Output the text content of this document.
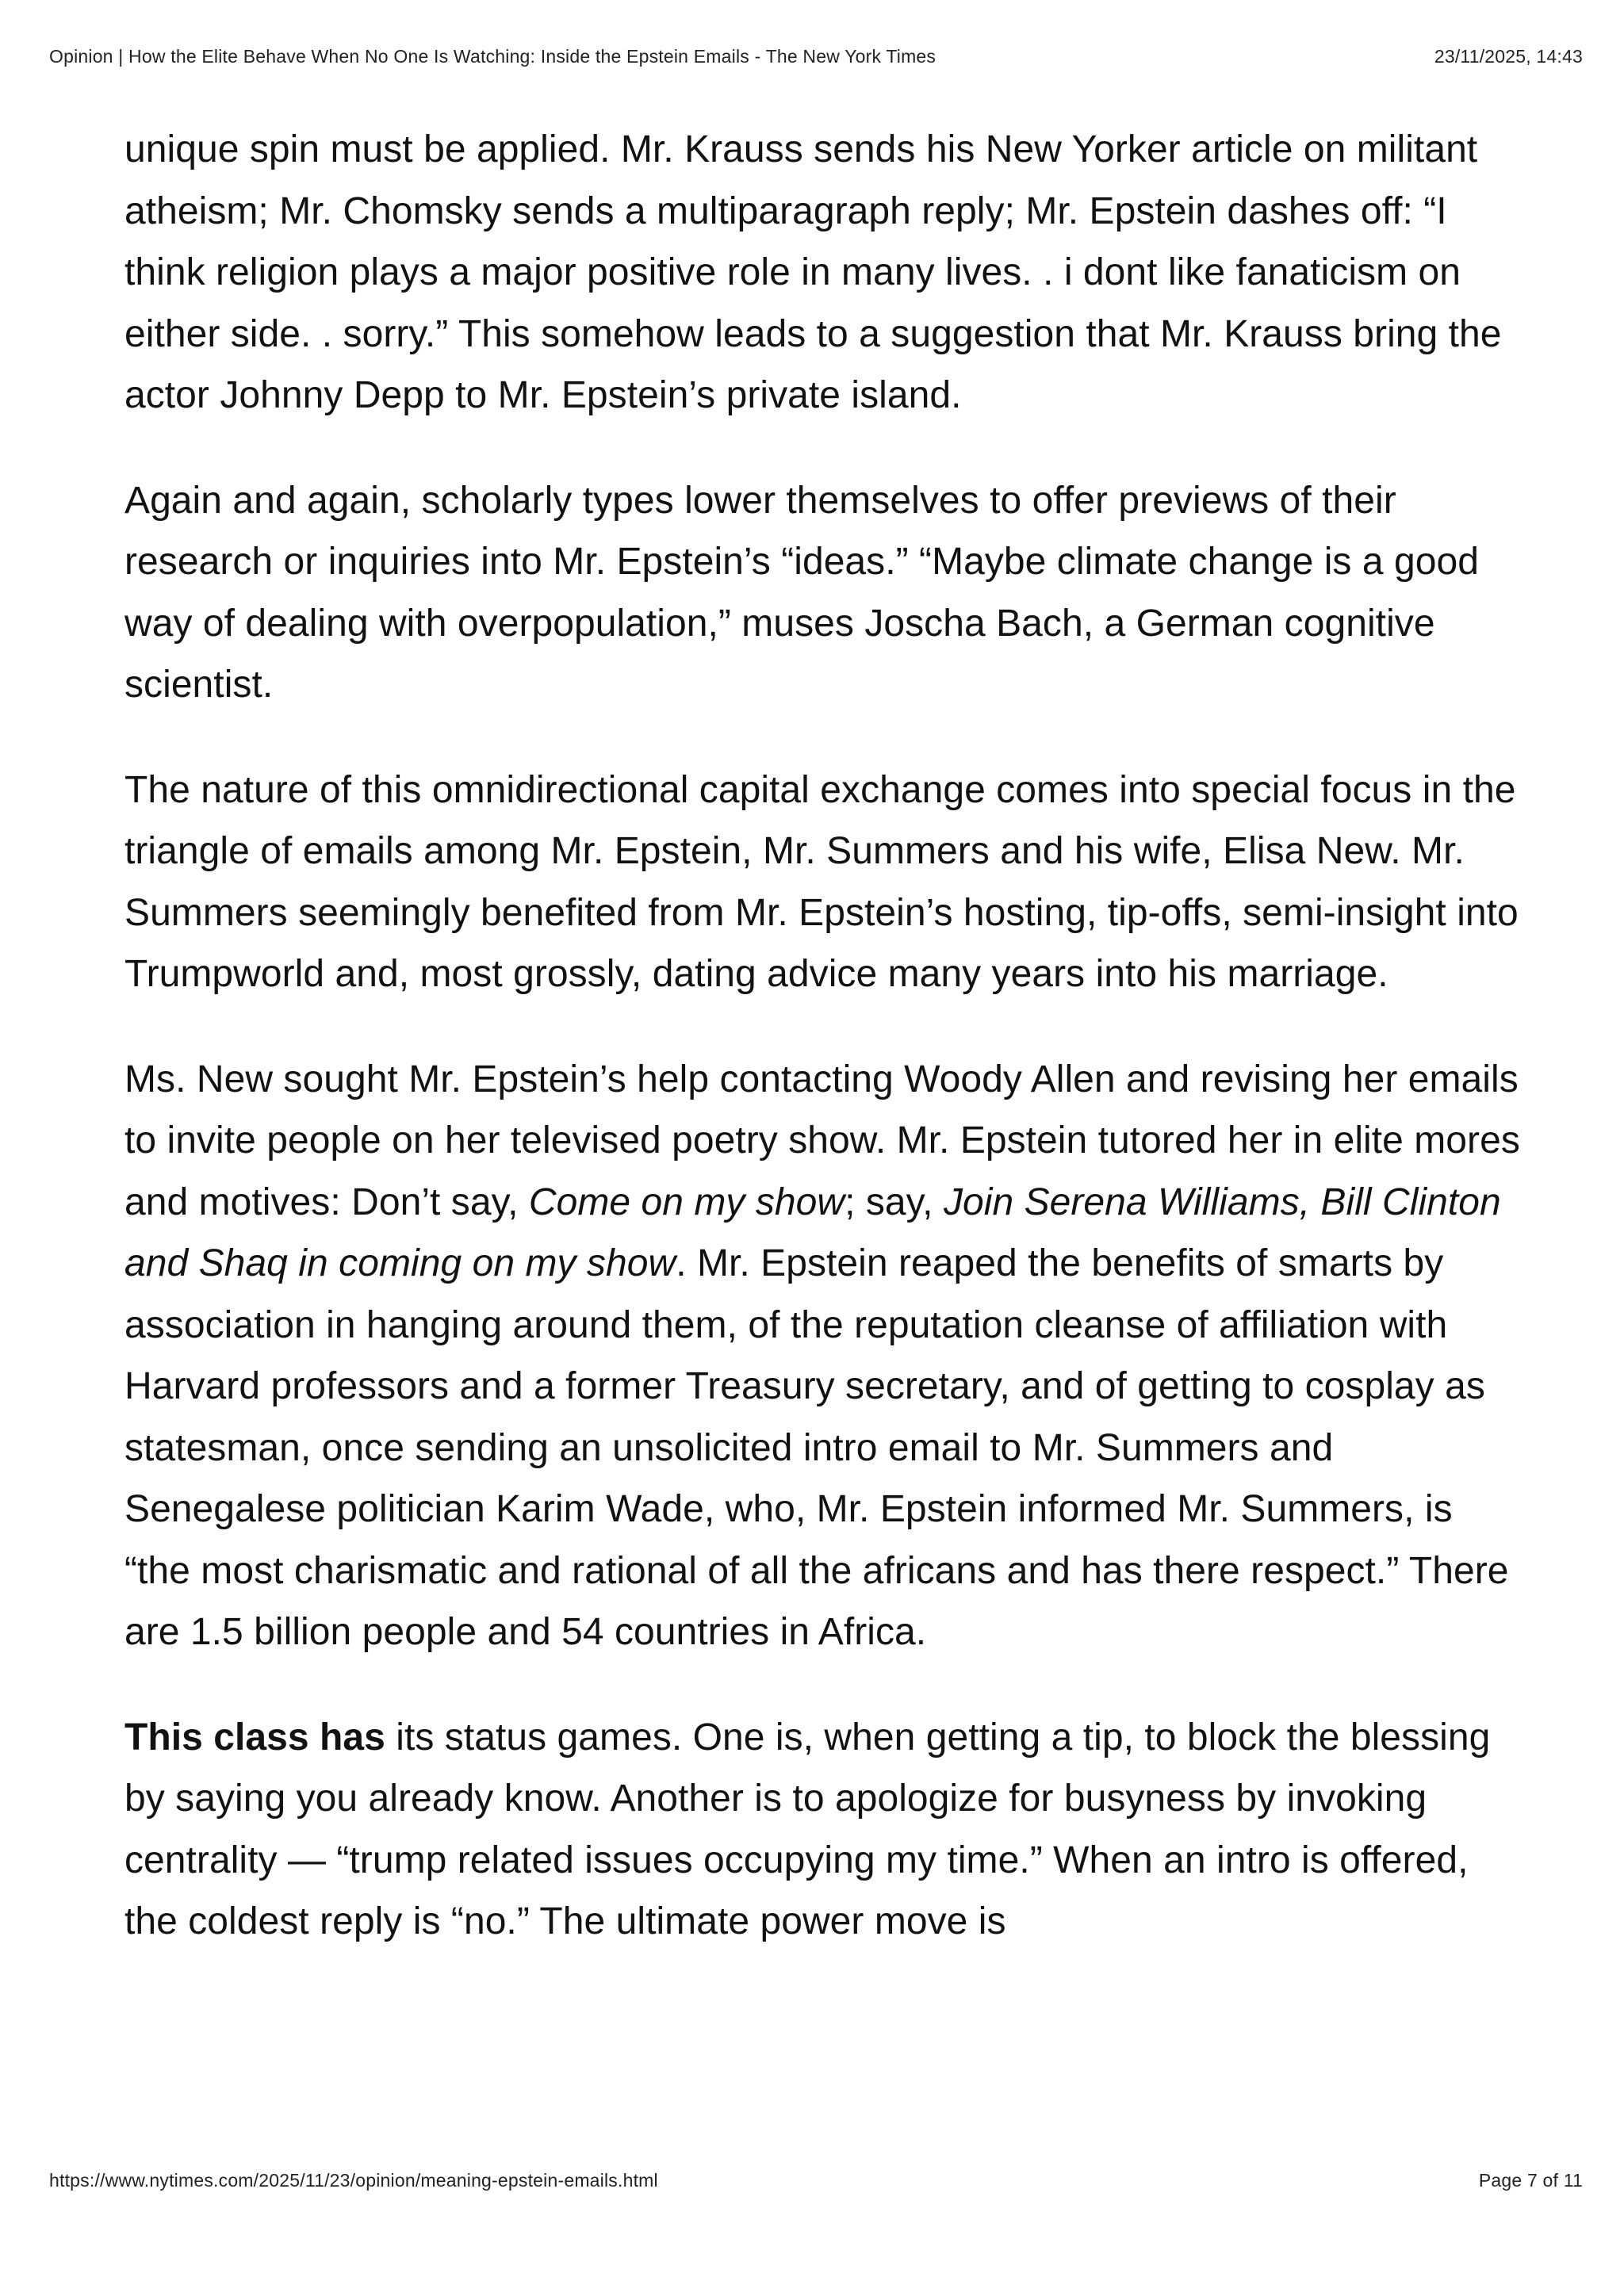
Opinion | How the Elite Behave When No One Is Watching: Inside the Epstein Emails - The New York Times	23/11/2025, 14:43

unique spin must be applied. Mr. Krauss sends his New Yorker article on militant atheism; Mr. Chomsky sends a multiparagraph reply; Mr. Epstein dashes off: “I think religion plays a major positive role in many lives. . i dont like fanaticism on either side. . sorry.” This somehow leads to a suggestion that Mr. Krauss bring the actor Johnny Depp to Mr. Epstein’s private island.

Again and again, scholarly types lower themselves to offer previews of their research or inquiries into Mr. Epstein’s “ideas.” “Maybe climate change is a good way of dealing with overpopulation,” muses Joscha Bach, a German cognitive scientist.

The nature of this omnidirectional capital exchange comes into special focus in the triangle of emails among Mr. Epstein, Mr. Summers and his wife, Elisa New. Mr. Summers seemingly benefited from Mr. Epstein’s hosting, tip-offs, semi-insight into Trumpworld and, most grossly, dating advice many years into his marriage.

Ms. New sought Mr. Epstein’s help contacting Woody Allen and revising her emails to invite people on her televised poetry show. Mr. Epstein tutored her in elite mores and motives: Don’t say, Come on my show; say, Join Serena Williams, Bill Clinton and Shaq in coming on my show. Mr. Epstein reaped the benefits of smarts by association in hanging around them, of the reputation cleanse of affiliation with Harvard professors and a former Treasury secretary, and of getting to cosplay as statesman, once sending an unsolicited intro email to Mr. Summers and Senegalese politician Karim Wade, who, Mr. Epstein informed Mr. Summers, is “the most charismatic and rational of all the africans and has there respect.” There are 1.5 billion people and 54 countries in Africa.

This class has its status games. One is, when getting a tip, to block the blessing by saying you already know. Another is to apologize for busyness by invoking centrality — “trump related issues occupying my time.” When an intro is offered, the coldest reply is “no.” The ultimate power move is

https://www.nytimes.com/2025/11/23/opinion/meaning-epstein-emails.html	Page 7 of 11
